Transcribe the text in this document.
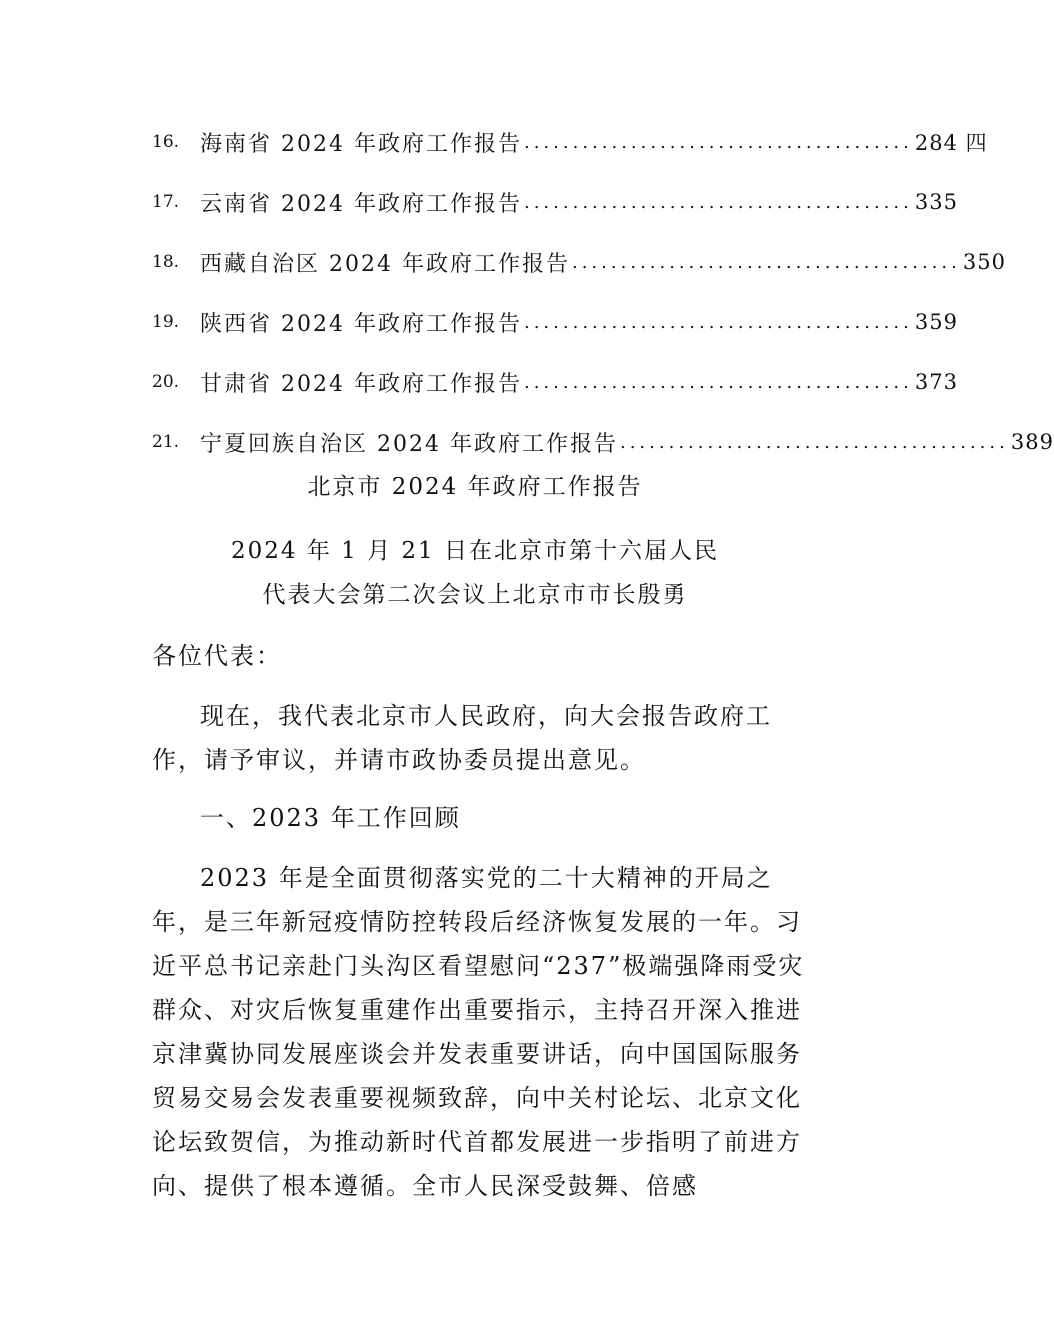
16. 海南省 2024 年政府工作报告 ........................................ 284 四
17. 云南省 2024 年政府工作报告 ........................................ 335
18. 西藏自治区 2024 年政府工作报告 ........................................ 350
19. 陕西省 2024 年政府工作报告 ........................................ 359
20. 甘肃省 2024 年政府工作报告 ........................................ 373
21. 宁夏回族自治区 2024 年政府工作报告 ........................................ 389
北京市 2024 年政府工作报告
2024 年 1 月 21 日在北京市第十六届人民
代表大会第二次会议上北京市市长殷勇
各位代表：
现在，我代表北京市人民政府，向大会报告政府工作，请予审议，并请市政协委员提出意见。
一、2023 年工作回顾
2023 年是全面贯彻落实党的二十大精神的开局之年，是三年新冠疫情防控转段后经济恢复发展的一年。习近平总书记亲赴门头沟区看望慰问“237”极端强降雨受灾群众、对灾后恢复重建作出重要指示，主持召开深入推进京津冀协同发展座谈会并发表重要讲话，向中国国际服务贸易交易会发表重要视频致辞，向中关村论坛、北京文化论坛致贺信，为推动新时代首都发展进一步指明了前进方向、提供了根本遵循。全市人民深受鼓舞、倍感
